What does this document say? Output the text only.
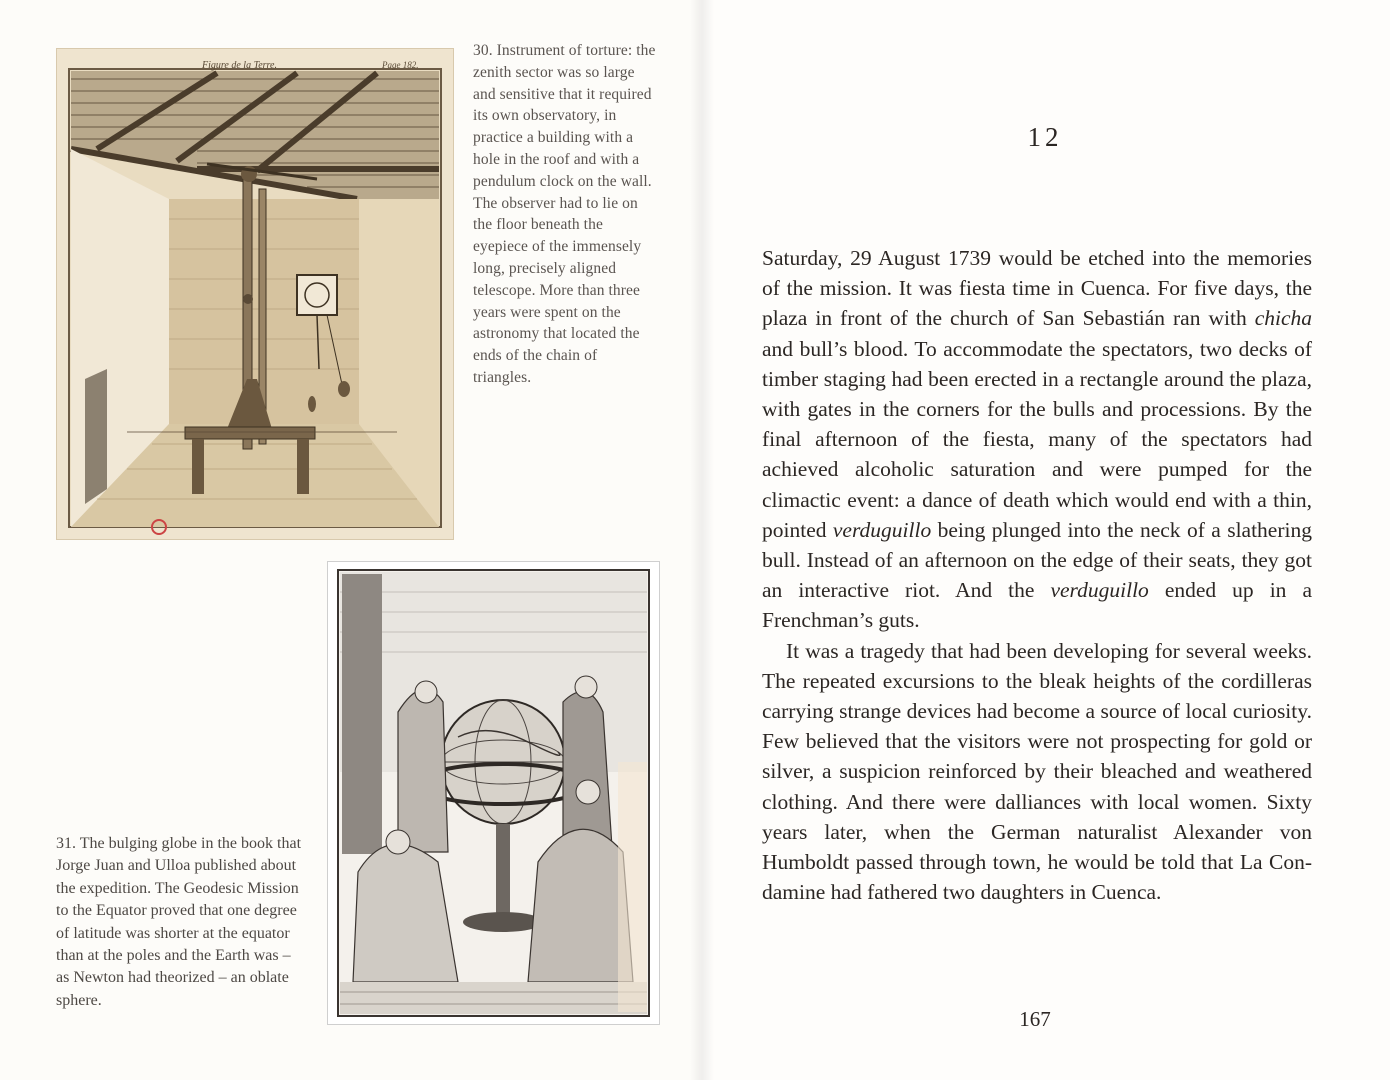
Figure de la Terre.	Page 182.

30. Instrument of torture: the zenith sector was so large and sensitive that it required its own observatory, in practice a building with a hole in the roof and with a pendulum clock on the wall. The observer had to lie on the floor beneath the eyepiece of the immensely long, precisely aligned telescope. More than three years were spent on the astronomy that located the ends of the chain of triangles.

31. The bulging globe in the book that Jorge Juan and Ulloa published about the expedition. The Geodesic Mission to the Equator proved that one degree of latitude was shorter at the equator than at the poles and the Earth was – as Newton had theorized – an oblate sphere.

12

Saturday, 29 August 1739 would be etched into the memories of the mission. It was fiesta time in Cuenca. For five days, the plaza in front of the church of San Sebastián ran with chicha and bull’s blood. To accommodate the spectators, two decks of timber staging had been erected in a rectangle around the plaza, with gates in the corners for the bulls and processions. By the final afternoon of the fiesta, many of the spectators had achieved alcoholic saturation and were pumped for the climactic event: a dance of death which would end with a thin, pointed verduguillo being plunged into the neck of a slathering bull. Instead of an afternoon on the edge of their seats, they got an interactive riot. And the verduguillo ended up in a Frenchman’s guts.

It was a tragedy that had been developing for several weeks. The repeated excursions to the bleak heights of the cordilleras carrying strange devices had become a source of local curiosity. Few believed that the visitors were not prospecting for gold or silver, a suspicion reinforced by their bleached and weathered clothing. And there were dalliances with local women. Sixty years later, when the German naturalist Alexander von Humboldt passed through town, he would be told that La Condamine had fathered two daughters in Cuenca.

167
